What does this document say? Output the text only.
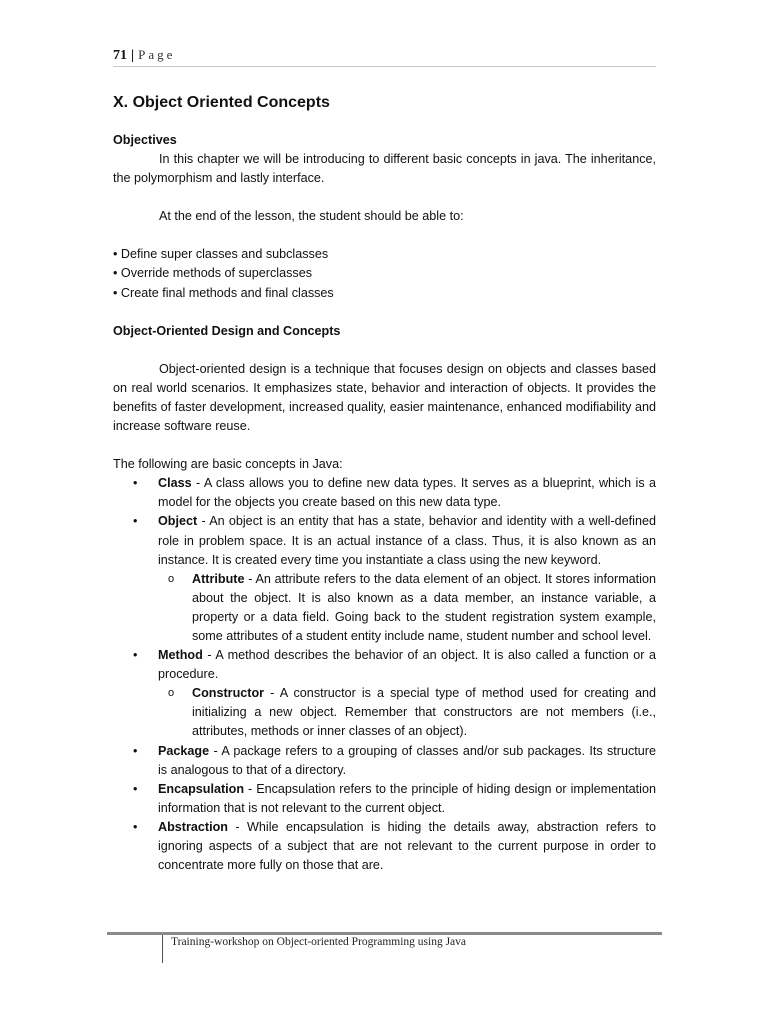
71 | Page
X. Object Oriented Concepts

Objectives

In this chapter we will be introducing to different basic concepts in java. The inheritance, the polymorphism and lastly interface.

At the end of the lesson, the student should be able to:

• Define super classes and subclasses
• Override methods of superclasses
• Create final methods and final classes

Object-Oriented Design and Concepts

Object-oriented design is a technique that focuses design on objects and classes based on real world scenarios. It emphasizes state, behavior and interaction of objects. It provides the benefits of faster development, increased quality, easier maintenance, enhanced modifiability and increase software reuse.

The following are basic concepts in Java:

• Class - A class allows you to define new data types. It serves as a blueprint, which is a model for the objects you create based on this new data type.
• Object - An object is an entity that has a state, behavior and identity with a well-defined role in problem space. It is an actual instance of a class. Thus, it is also known as an instance. It is created every time you instantiate a class using the new keyword.
o Attribute - An attribute refers to the data element of an object. It stores information about the object. It is also known as a data member, an instance variable, a property or a data field. Going back to the student registration system example, some attributes of a student entity include name, student number and school level.
• Method - A method describes the behavior of an object. It is also called a function or a procedure.
o Constructor - A constructor is a special type of method used for creating and initializing a new object. Remember that constructors are not members (i.e., attributes, methods or inner classes of an object).
• Package - A package refers to a grouping of classes and/or sub packages. Its structure is analogous to that of a directory.
• Encapsulation - Encapsulation refers to the principle of hiding design or implementation information that is not relevant to the current object.
• Abstraction - While encapsulation is hiding the details away, abstraction refers to ignoring aspects of a subject that are not relevant to the current purpose in order to concentrate more fully on those that are.
Training-workshop on Object-oriented Programming using Java
